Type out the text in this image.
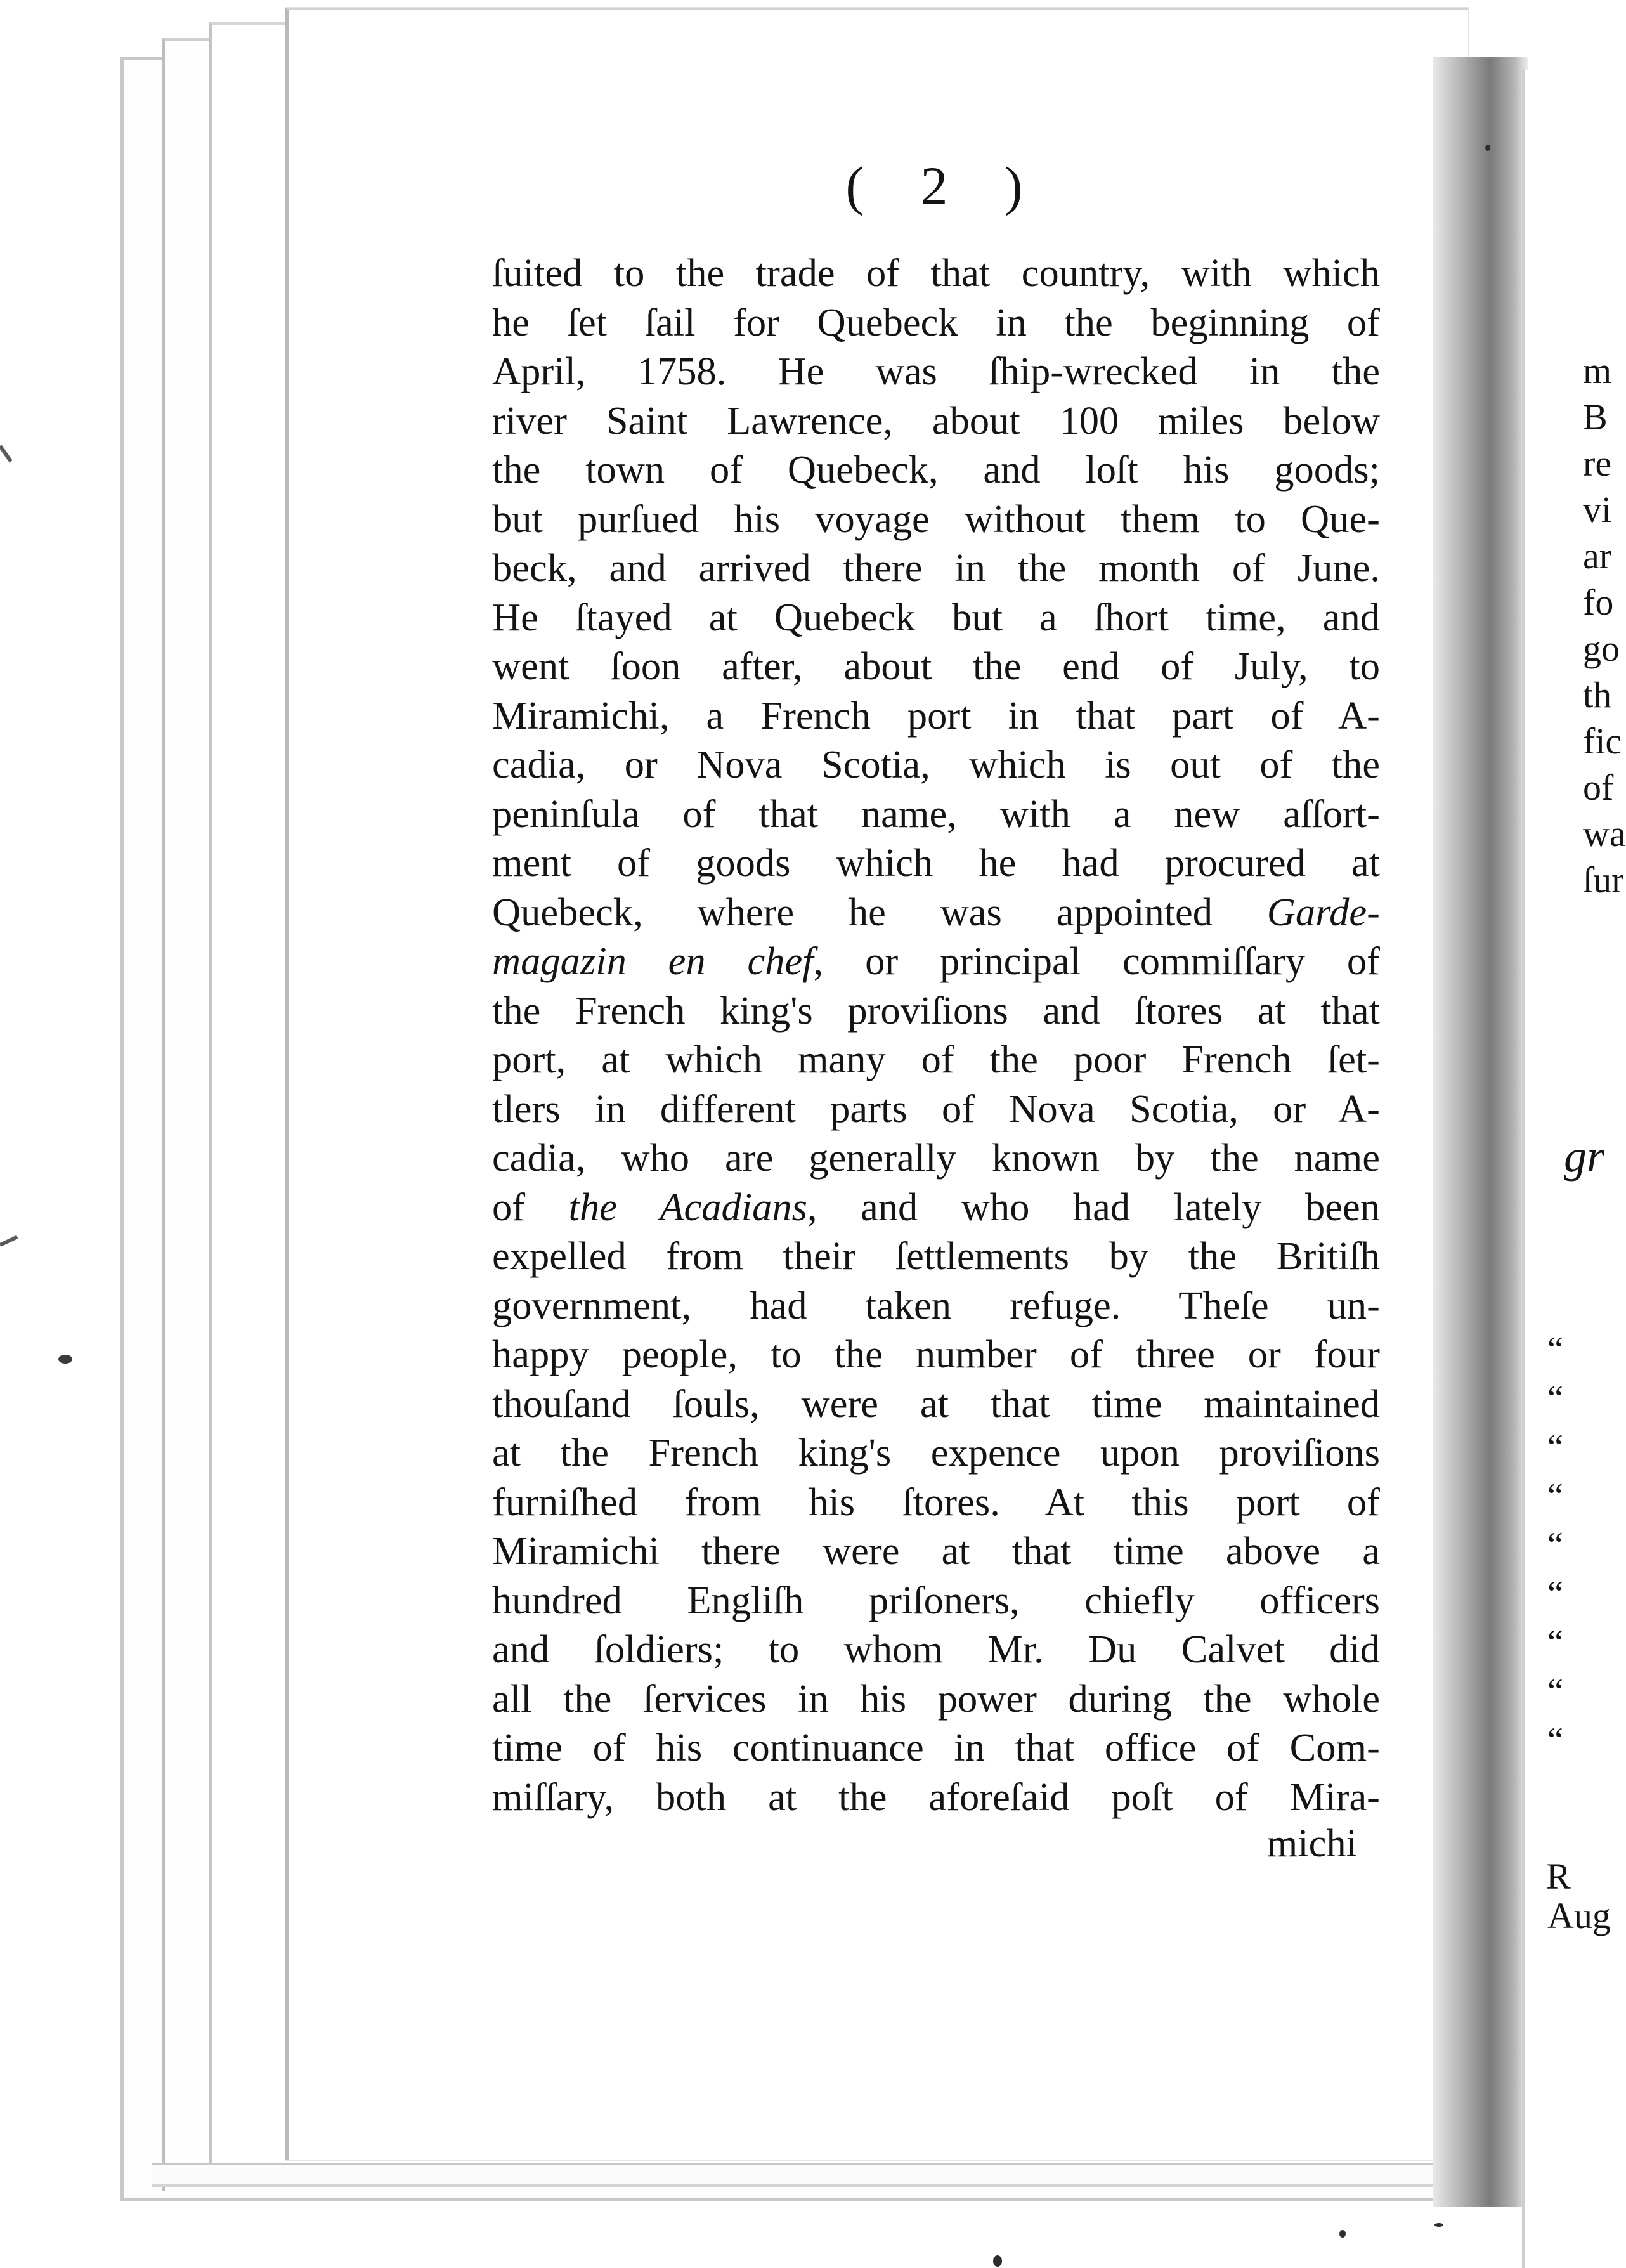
( 2 )
ſuited to the trade of that country, with which
he ſet ſail for Quebeck in the beginning of
April, 1758. He was ſhip-wrecked in the
river Saint Lawrence, about 100 miles below
the town of Quebeck, and loſt his goods;
but purſued his voyage without them to Que-
beck, and arrived there in the month of June.
He ſtayed at Quebeck but a ſhort time, and
went ſoon after, about the end of July, to
Miramichi, a French port in that part of A-
cadia, or Nova Scotia, which is out of the
peninſula of that name, with a new aſſort-
ment of goods which he had procured at
Quebeck, where he was appointed Garde-
magazin en chef, or principal commiſſary of
the French king's proviſions and ſtores at that
port, at which many of the poor French ſet-
tlers in different parts of Nova Scotia, or A-
cadia, who are generally known by the name
of the Acadians, and who had lately been
expelled from their ſettlements by the Britiſh
government, had taken refuge. Theſe un-
happy people, to the number of three or four
thouſand ſouls, were at that time maintained
at the French king's expence upon proviſions
furniſhed from his ſtores. At this port of
Miramichi there were at that time above a
hundred Engliſh priſoners, chiefly officers
and ſoldiers; to whom Mr. Du Calvet did
all the ſervices in his power during the whole
time of his continuance in that office of Com-
miſſary, both at the aforeſaid poſt of Mira-
michi
m
B
re
vi
ar
fo
go
th
fic
of
wa
ſur
gr
“
“
“
“
“
“
“
“
“
R
Aug
